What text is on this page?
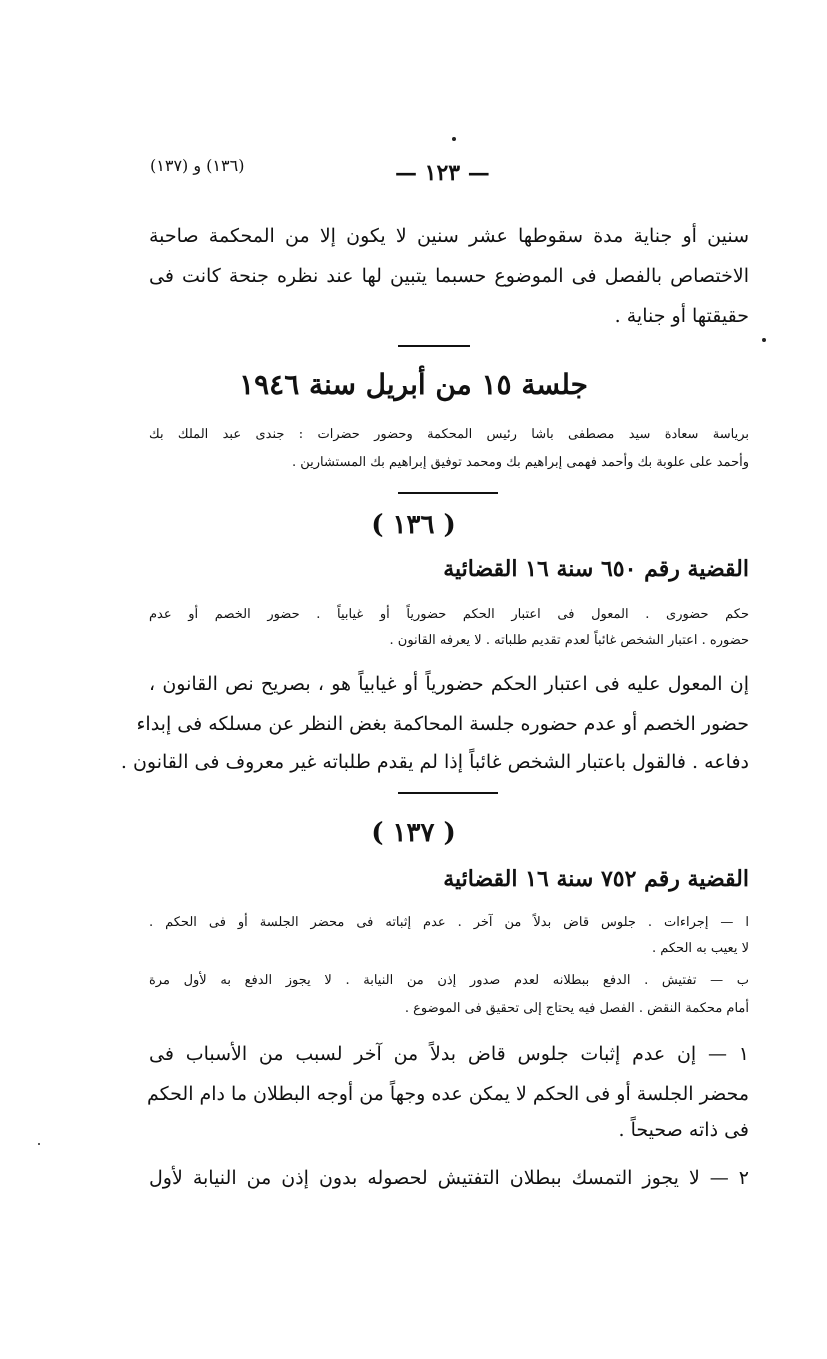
(١٣٦) و (١٣٧)	— ١٢٣ —
سنين أو جناية مدة سقوطها عشر سنين لا يكون إلا من المحكمة صاحبة
الاختصاص بالفصل فى الموضوع حسبما يتبين لها عند نظره جنحة كانت فى
حقيقتها أو جناية .
جلسة ١٥ من أبريل سنة ١٩٤٦
برياسة سعادة سيد مصطفى باشا رئيس المحكمة وحضور حضرات : جندى عبد الملك بك
وأحمد على علوبة بك وأحمد فهمى إبراهيم بك ومحمد توفيق إبراهيم بك المستشارين .
( ١٣٦ )
القضية رقم ٦٥٠ سنة ١٦ القضائية
حكم حضورى . المعول فى اعتبار الحكم حضورياً أو غيابياً . حضور الخصم أو عدم
حضوره . اعتبار الشخص غائباً لعدم تقديم طلباته . لا يعرفه القانون .
إن المعول عليه فى اعتبار الحكم حضورياً أو غيابياً هو ، بصريح نص القانون ،
حضور الخصم أو عدم حضوره جلسة المحاكمة بغض النظر عن مسلكه فى إبداء
دفاعه . فالقول باعتبار الشخص غائباً إذا لم يقدم طلباته غير معروف فى القانون .
( ١٣٧ )
القضية رقم ٧٥٢ سنة ١٦ القضائية
ا — إجراءات . جلوس قاض بدلاً من آخر . عدم إثباته فى محضر الجلسة أو فى الحكم .
لا يعيب به الحكم .
ب — تفتيش . الدفع ببطلانه لعدم صدور إذن من النيابة . لا يجوز الدفع به لأول مرة
أمام محكمة النقض . الفصل فيه يحتاج إلى تحقيق فى الموضوع .
١ — إن عدم إثبات جلوس قاض بدلاً من آخر لسبب من الأسباب فى
محضر الجلسة أو فى الحكم لا يمكن عده وجهاً من أوجه البطلان ما دام الحكم
فى ذاته صحيحاً .
٢ — لا يجوز التمسك ببطلان التفتيش لحصوله بدون إذن من النيابة لأول
